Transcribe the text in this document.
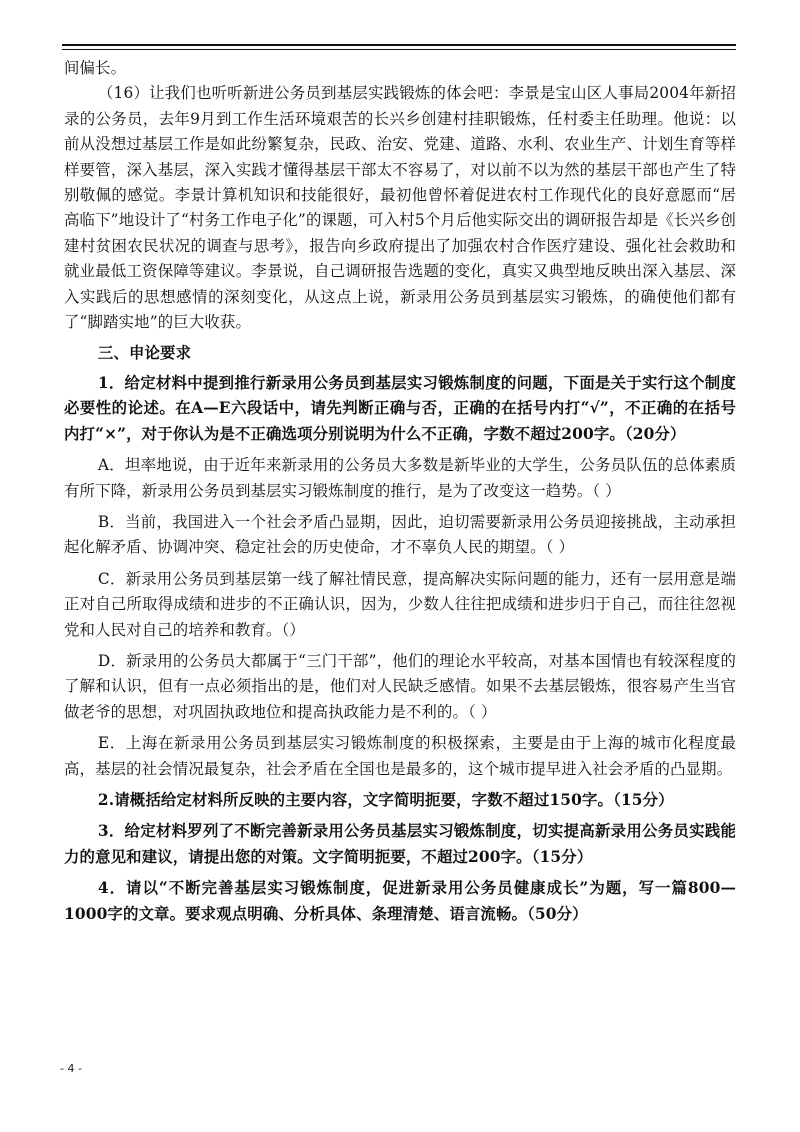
间偏长。

（16）让我们也听听新进公务员到基层实践锻炼的体会吧：李景是宝山区人事局2004年新招录的公务员，去年9月到工作生活环境艰苦的长兴乡创建村挂职锻炼，任村委主任助理。他说：以前从没想过基层工作是如此纷繁复杂，民政、治安、党建、道路、水利、农业生产、计划生育等样样要管，深入基层，深入实践才懂得基层干部太不容易了，对以前不以为然的基层干部也产生了特别敬佩的感觉。李景计算机知识和技能很好，最初他曾怀着促进农村工作现代化的良好意愿而“居高临下”地设计了“村务工作电子化”的课题，可入村5个月后他实际交出的调研报告却是《长兴乡创建村贫困农民状况的调查与思考》，报告向乡政府提出了加强农村合作医疗建设、强化社会救助和就业最低工资保障等建议。李景说，自己调研报告选题的变化，真实又典型地反映出深入基层、深入实践后的思想感情的深刻变化，从这点上说，新录用公务员到基层实习锻炼，的确使他们都有了“脚踏实地”的巨大收获。

三、申论要求

1．给定材料中提到推行新录用公务员到基层实习锻炼制度的问题，下面是关于实行这个制度必要性的论述。在A—E六段话中，请先判断正确与否，正确的在括号内打“√”，不正确的在括号内打“×”，对于你认为是不正确选项分别说明为什么不正确，字数不超过200字。（20分）

A．坦率地说，由于近年来新录用的公务员大多数是新毕业的大学生，公务员队伍的总体素质有所下降，新录用公务员到基层实习锻炼制度的推行，是为了改变这一趋势。（ ）

B．当前，我国进入一个社会矛盾凸显期，因此，迫切需要新录用公务员迎接挑战，主动承担起化解矛盾、协调冲突、稳定社会的历史使命，才不辜负人民的期望。（ ）

C．新录用公务员到基层第一线了解社情民意，提高解决实际问题的能力，还有一层用意是端正对自己所取得成绩和进步的不正确认识，因为，少数人往往把成绩和进步归于自己，而往往忽视党和人民对自己的培养和教育。（）

D．新录用的公务员大都属于“三门干部”，他们的理论水平较高，对基本国情也有较深程度的了解和认识，但有一点必须指出的是，他们对人民缺乏感情。如果不去基层锻炼，很容易产生当官做老爷的思想，对巩固执政地位和提高执政能力是不利的。（ ）

E．上海在新录用公务员到基层实习锻炼制度的积极探索，主要是由于上海的城市化程度最高，基层的社会情况最复杂，社会矛盾在全国也是最多的，这个城市提早进入社会矛盾的凸显期。

2.请概括给定材料所反映的主要内容，文字简明扼要，字数不超过150字。（15分）

3．给定材料罗列了不断完善新录用公务员基层实习锻炼制度，切实提高新录用公务员实践能力的意见和建议，请提出您的对策。文字简明扼要，不超过200字。（15分）

4．请以“不断完善基层实习锻炼制度，促进新录用公务员健康成长”为题，写一篇800—1000字的文章。要求观点明确、分析具体、条理清楚、语言流畅。（50分）

- 4 -
